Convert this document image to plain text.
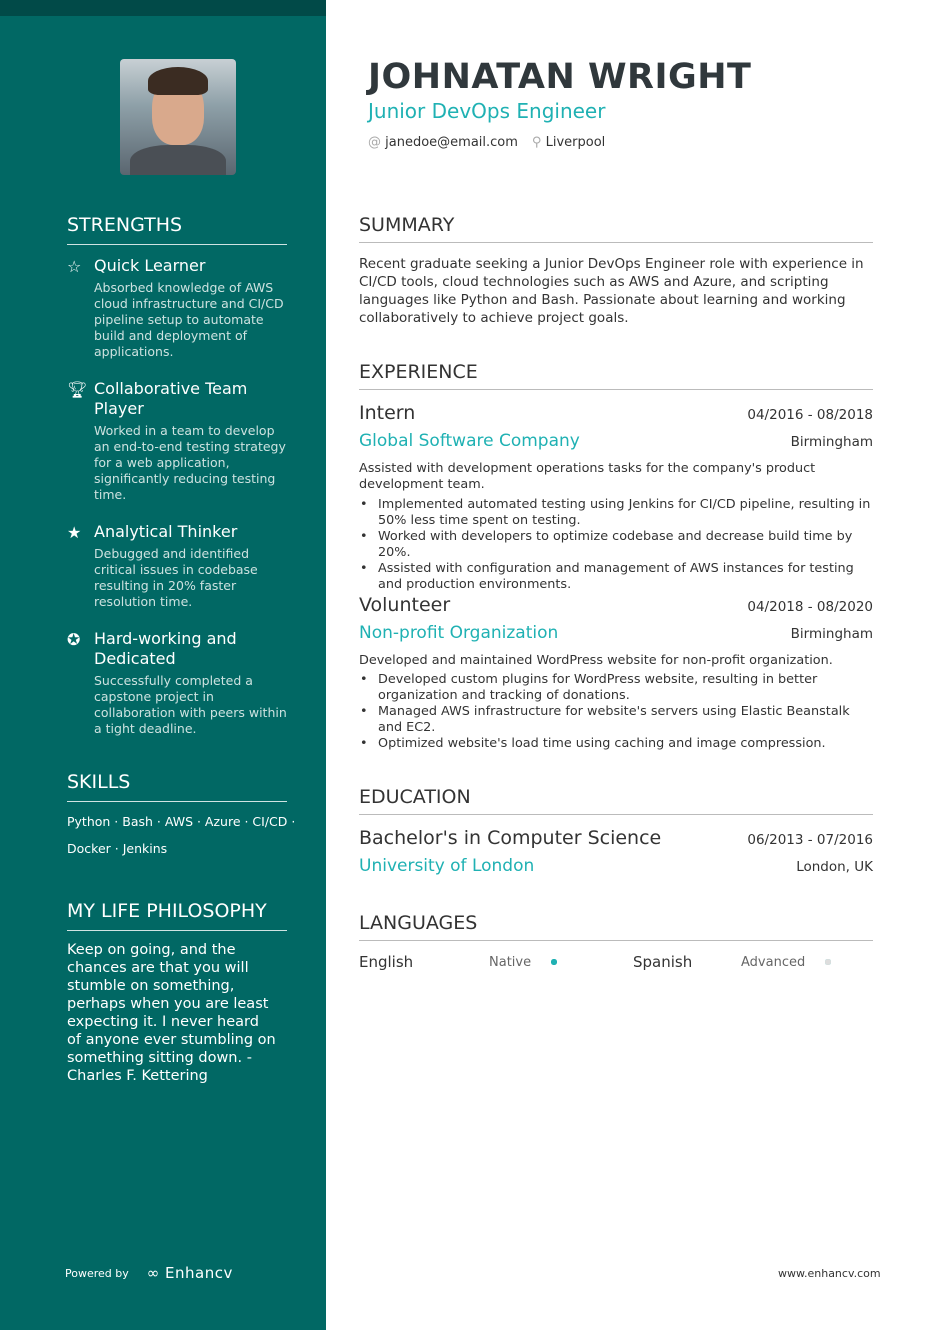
STRENGTHS
☆ Quick Learner
Absorbed knowledge of AWS cloud infrastructure and CI/CD pipeline setup to automate build and deployment of applications.
🏆︎ Collaborative Team Player
Worked in a team to develop an end-to-end testing strategy for a web application, significantly reducing testing time.
★ Analytical Thinker
Debugged and identified critical issues in codebase resulting in 20% faster resolution time.
✪ Hard-working and Dedicated
Successfully completed a capstone project in collaboration with peers within a tight deadline.
SKILLS
Python · Bash · AWS · Azure · CI/CD · Docker · Jenkins
MY LIFE PHILOSOPHY
Keep on going, and the chances are that you will stumble on something, perhaps when you are least expecting it. I never heard of anyone ever stumbling on something sitting down. - Charles F. Kettering
Powered by ∞ Enhancv
JOHNATAN WRIGHT
Junior DevOps Engineer
@ janedoe@email.com ⚲ Liverpool
SUMMARY
Recent graduate seeking a Junior DevOps Engineer role with experience in CI/CD tools, cloud technologies such as AWS and Azure, and scripting languages like Python and Bash. Passionate about learning and working collaboratively to achieve project goals.
EXPERIENCE
Intern	04/2016 - 08/2018
Global Software Company	Birmingham
Assisted with development operations tasks for the company's product development team.
• Implemented automated testing using Jenkins for CI/CD pipeline, resulting in 50% less time spent on testing.
• Worked with developers to optimize codebase and decrease build time by 20%.
• Assisted with configuration and management of AWS instances for testing and production environments.
Volunteer	04/2018 - 08/2020
Non-profit Organization	Birmingham
Developed and maintained WordPress website for non-profit organization.
• Developed custom plugins for WordPress website, resulting in better organization and tracking of donations.
• Managed AWS infrastructure for website's servers using Elastic Beanstalk and EC2.
• Optimized website's load time using caching and image compression.
EDUCATION
Bachelor's in Computer Science	06/2013 - 07/2016
University of London	London, UK
LANGUAGES
English	Native	Spanish	Advanced
www.enhancv.com
